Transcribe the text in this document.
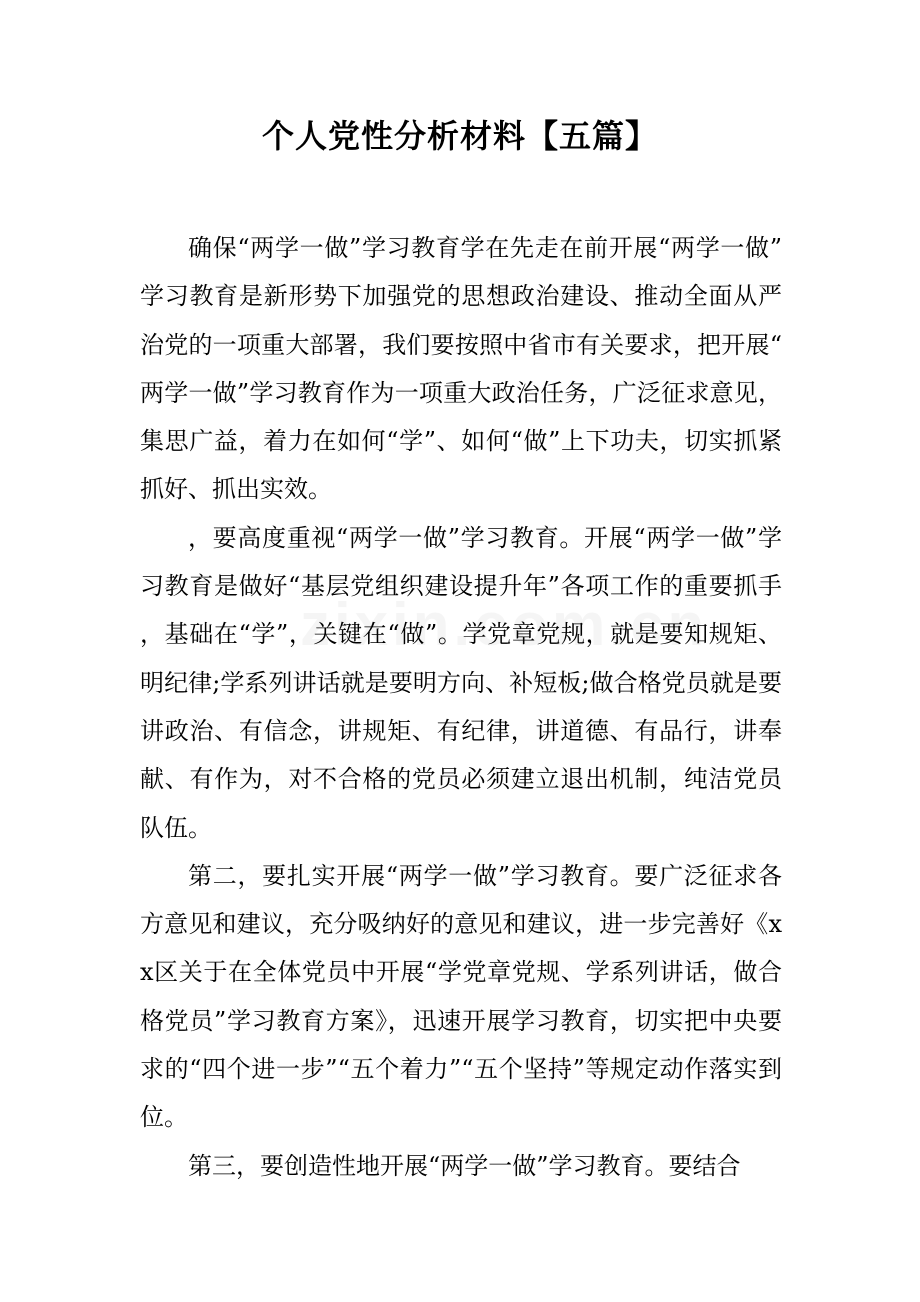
个人党性分析材料【五篇】

确保“两学一做”学习教育学在先走在前开展“两学一做”学习教育是新形势下加强党的思想政治建设、推动全面从严治党的一项重大部署，我们要按照中省市有关要求，把开展“两学一做”学习教育作为一项重大政治任务，广泛征求意见，集思广益，着力在如何“学”、如何“做”上下功夫，切实抓紧抓好、抓出实效。

，要高度重视“两学一做”学习教育。开展“两学一做”学习教育是做好“基层党组织建设提升年”各项工作的重要抓手，基础在“学”，关键在“做”。学党章党规，就是要知规矩、明纪律;学系列讲话就是要明方向、补短板;做合格党员就是要讲政治、有信念，讲规矩、有纪律，讲道德、有品行，讲奉献、有作为，对不合格的党员必须建立退出机制，纯洁党员队伍。

第二，要扎实开展“两学一做”学习教育。要广泛征求各方意见和建议，充分吸纳好的意见和建议，进一步完善好《xx区关于在全体党员中开展“学党章党规、学系列讲话，做合格党员”学习教育方案》，迅速开展学习教育，切实把中央要求的“四个进一步”“五个着力”“五个坚持”等规定动作落实到位。

第三，要创造性地开展“两学一做”学习教育。要结合
